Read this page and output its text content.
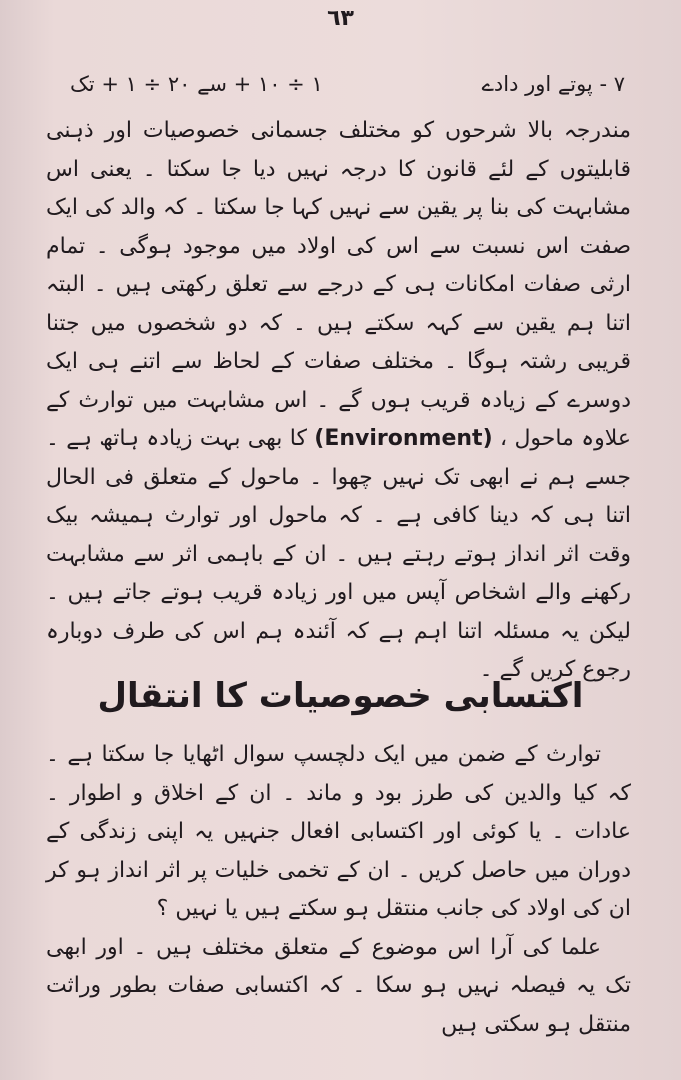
٦٣
۷ - پوتے اور دادے
۱ ÷ ۱۰ + سے ۲۰ ÷ ۱ + تک

مندرجہ بالا شرحوں کو مختلف جسمانی خصوصیات اور ذہنی قابلیتوں کے لئے قانون کا درجہ نہیں دیا جا سکتا ۔ یعنی اس مشابہت کی بنا پر یقین سے نہیں کہا جا سکتا ۔ کہ والد کی ایک صفت اس نسبت سے اس کی اولاد میں موجود ہوگی ۔ تمام ارثی صفات امکانات ہی کے درجے سے تعلق رکھتی ہیں ۔ البتہ اتنا ہم یقین سے کہہ سکتے ہیں ۔ کہ دو شخصوں میں جتنا قریبی رشتہ ہوگا ۔ مختلف صفات کے لحاظ سے اتنے ہی ایک دوسرے کے زیادہ قریب ہوں گے ۔ اس مشابہت میں توارث کے علاوہ ماحول ، (Environment) کا بھی بہت زیادہ ہاتھ ہے ۔ جسے ہم نے ابھی تک نہیں چھوا ۔ ماحول کے متعلق فی الحال اتنا ہی کہ دینا کافی ہے ۔ کہ ماحول اور توارث ہمیشہ بیک وقت اثر انداز ہوتے رہتے ہیں ۔ ان کے باہمی اثر سے مشابہت رکھنے والے اشخاص آپس میں اور زیادہ قریب ہوتے جاتے ہیں ۔ لیکن یہ مسئلہ اتنا اہم ہے کہ آئندہ ہم اس کی طرف دوبارہ رجوع کریں گے ۔

اکتسابی خصوصیات کا انتقال

توارث کے ضمن میں ایک دلچسپ سوال اٹھایا جا سکتا ہے ۔ کہ کیا والدین کی طرز بود و ماند ۔ ان کے اخلاق و اطوار ۔ عادات ۔ یا کوئی اور اکتسابی افعال جنہیں یہ اپنی زندگی کے دوران میں حاصل کریں ۔ ان کے تخمی خلیات پر اثر انداز ہو کر ان کی اولاد کی جانب منتقل ہو سکتے ہیں یا نہیں ؟

علما کی آرا اس موضوع کے متعلق مختلف ہیں ۔ اور ابھی تک یہ فیصلہ نہیں ہو سکا ۔ کہ اکتسابی صفات بطور وراثت منتقل ہو سکتی ہیں
